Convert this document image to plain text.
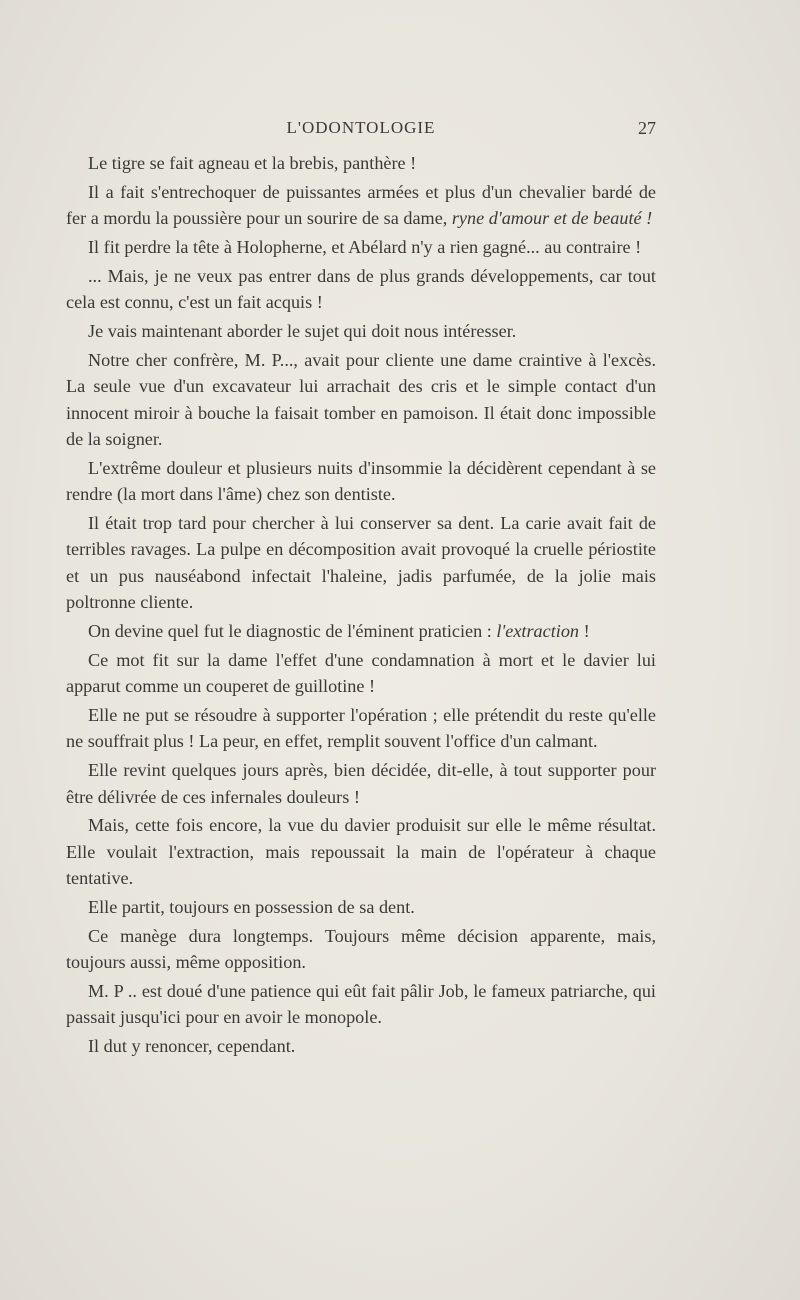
L'ODONTOLOGIE	27

Le tigre se fait agneau et la brebis, panthère !

Il a fait s'entrechoquer de puissantes armées et plus d'un chevalier bardé de fer a mordu la poussière pour un sourire de sa dame, ryne d'amour et de beauté !

Il fit perdre la tête à Holopherne, et Abélard n'y a rien gagné... au contraire !

... Mais, je ne veux pas entrer dans de plus grands développements, car tout cela est connu, c'est un fait acquis !

Je vais maintenant aborder le sujet qui doit nous intéresser.

Notre cher confrère, M. P..., avait pour cliente une dame craintive à l'excès. La seule vue d'un excavateur lui arrachait des cris et le simple contact d'un innocent miroir à bouche la faisait tomber en pamoison. Il était donc impossible de la soigner.

L'extrême douleur et plusieurs nuits d'insommie la décidèrent cependant à se rendre (la mort dans l'âme) chez son dentiste.

Il était trop tard pour chercher à lui conserver sa dent. La carie avait fait de terribles ravages. La pulpe en décomposition avait provoqué la cruelle périostite et un pus nauséabond infectait l'haleine, jadis parfumée, de la jolie mais poltronne cliente.

On devine quel fut le diagnostic de l'éminent praticien : l'extraction !

Ce mot fit sur la dame l'effet d'une condamnation à mort et le davier lui apparut comme un couperet de guillotine !

Elle ne put se résoudre à supporter l'opération ; elle prétendit du reste qu'elle ne souffrait plus ! La peur, en effet, remplit souvent l'office d'un calmant.

Elle revint quelques jours après, bien décidée, dit-elle, à tout supporter pour être délivrée de ces infernales douleurs !

Mais, cette fois encore, la vue du davier produisit sur elle le même résultat. Elle voulait l'extraction, mais repoussait la main de l'opérateur à chaque tentative.

Elle partit, toujours en possession de sa dent.

Ce manège dura longtemps. Toujours même décision apparente, mais, toujours aussi, même opposition.

M. P .. est doué d'une patience qui eût fait pâlir Job, le fameux patriarche, qui passait jusqu'ici pour en avoir le monopole.

Il dut y renoncer, cependant.
